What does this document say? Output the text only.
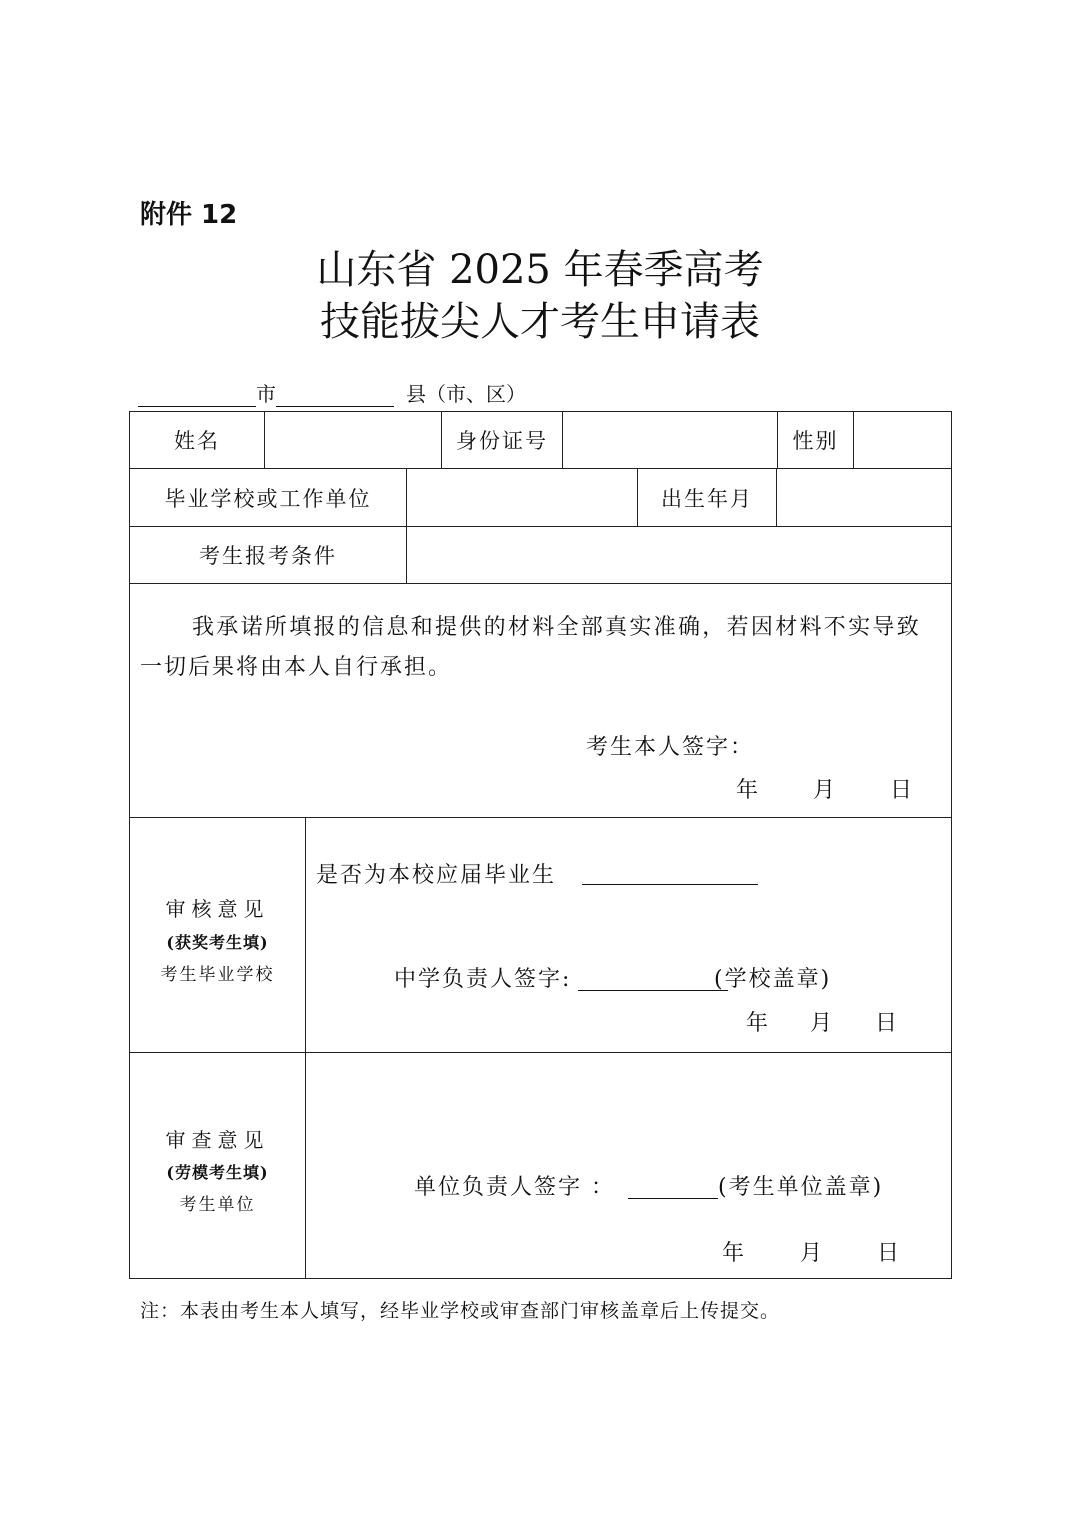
附件 12
山东省 2025 年春季高考
技能拔尖人才考生申请表
市	县（市、区）
姓名	身份证号	性别
毕业学校或工作单位	出生年月
考生报考条件
我承诺所填报的信息和提供的材料全部真实准确，若因材料不实导致
一切后果将由本人自行承担。
考生本人签字：
年 月 日
审核意见
(获奖考生填)
考生毕业学校
是否为本校应届毕业生
中学负责人签字:	(学校盖章)
年 月 日
审查意见
(劳模考生填)
考生单位
单位负责人签字 ：	(考生单位盖章)
年 月 日
注：本表由考生本人填写，经毕业学校或审查部门审核盖章后上传提交。
